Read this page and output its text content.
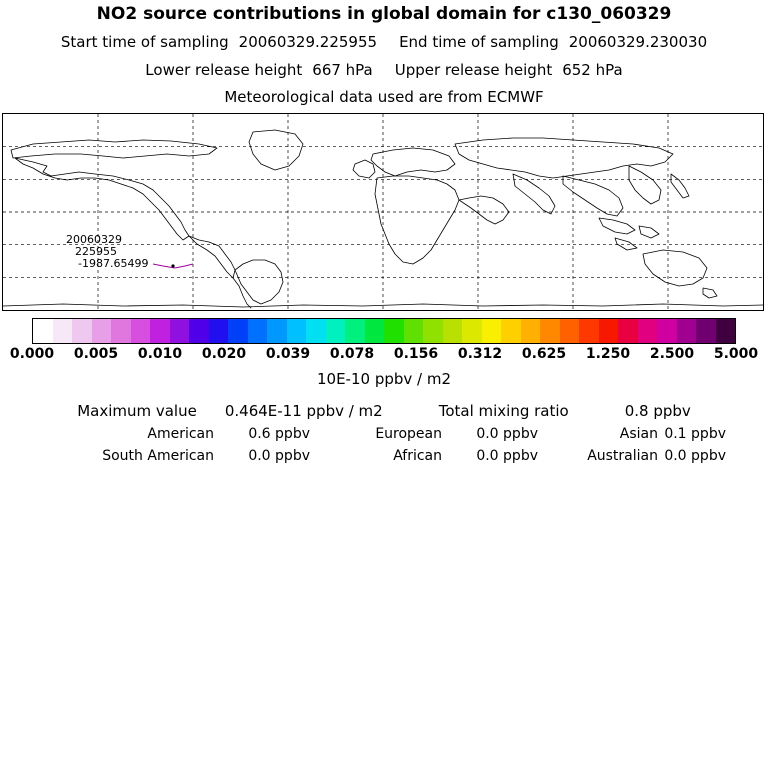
NO2 source contributions in global domain for c130_060329
Start time of sampling 20060329.225955 End time of sampling 20060329.230030
Lower release height 667 hPa Upper release height 652 hPa
Meteorological data used are from ECMWF
20060329
225955
-1987.65499
0.000 0.005 0.010 0.020 0.039 0.078 0.156 0.312 0.625 1.250 2.500 5.000
10E-10 ppbv / m2
Maximum value 0.464E-11 ppbv / m2	Total mixing ratio	0.8 ppbv
American	0.6 ppbv	European	0.0 ppbv	Asian 0.1 ppbv
South American	0.0 ppbv	African	0.0 ppbv	Australian 0.0 ppbv
